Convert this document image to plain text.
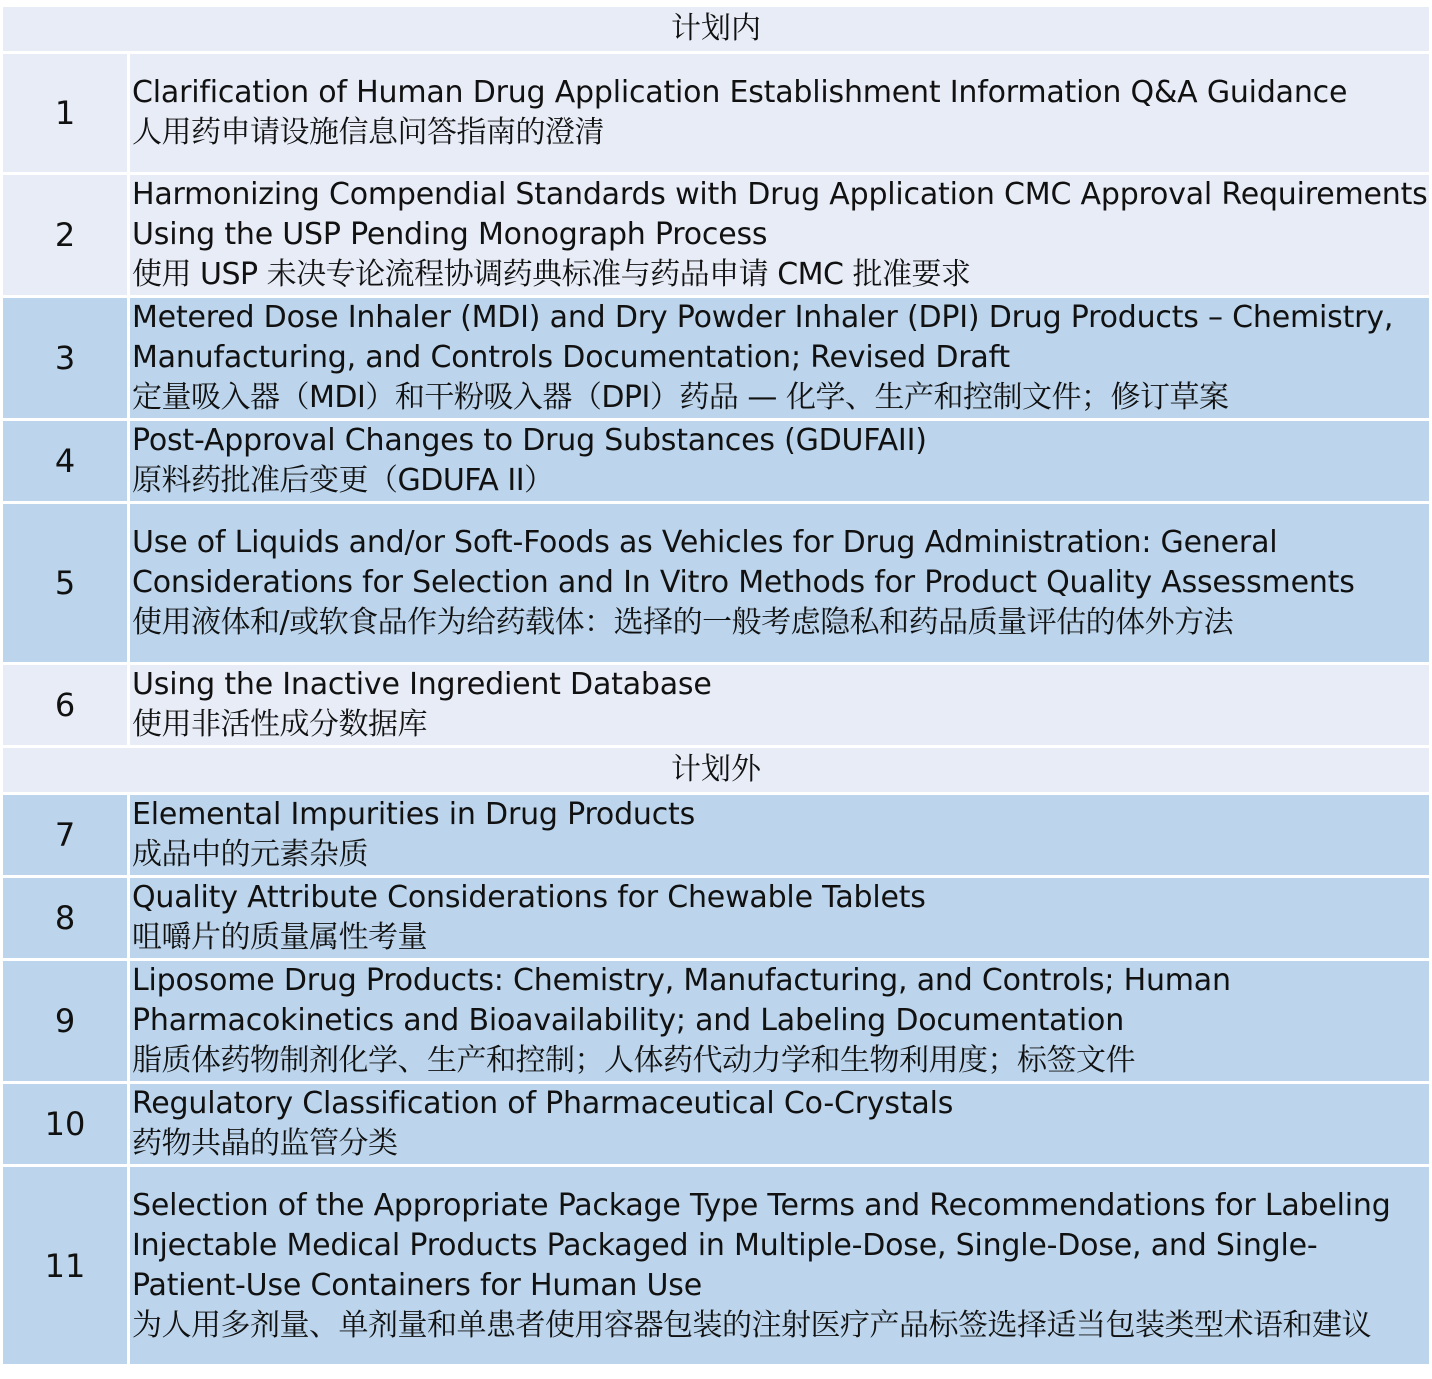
计划内	
1	Clarification of Human Drug Application Establishment Information Q&A Guidance
人用药申请设施信息问答指南的澄清

2	Harmonizing Compendial Standards with Drug Application CMC Approval Requirements Using the USP Pending Monograph Process
使用 USP 未决专论流程协调药典标准与药品申请 CMC 批准要求

3	Metered Dose Inhaler (MDI) and Dry Powder Inhaler (DPI) Drug Products – Chemistry, Manufacturing, and Controls Documentation; Revised Draft
定量吸入器（MDI）和干粉吸入器（DPI）药品 — 化学、生产和控制文件；修订草案

4	Post-Approval Changes to Drug Substances (GDUFAII)
原料药批准后变更（GDUFA II）

5	Use of Liquids and/or Soft-Foods as Vehicles for Drug Administration: General Considerations for Selection and In Vitro Methods for Product Quality Assessments
使用液体和/或软食品作为给药载体：选择的一般考虑隐私和药品质量评估的体外方法

6	Using the Inactive Ingredient Database
使用非活性成分数据库

计划外	
7	Elemental Impurities in Drug Products
成品中的元素杂质

8	Quality Attribute Considerations for Chewable Tablets
咀嚼片的质量属性考量

9	Liposome Drug Products: Chemistry, Manufacturing, and Controls; Human Pharmacokinetics and Bioavailability; and Labeling Documentation
脂质体药物制剂化学、生产和控制；人体药代动力学和生物利用度；标签文件

10	Regulatory Classification of Pharmaceutical Co-Crystals
药物共晶的监管分类

11	Selection of the Appropriate Package Type Terms and Recommendations for Labeling Injectable Medical Products Packaged in Multiple-Dose, Single-Dose, and Single-Patient-Use Containers for Human Use
为人用多剂量、单剂量和单患者使用容器包装的注射医疗产品标签选择适当包装类型术语和建议
